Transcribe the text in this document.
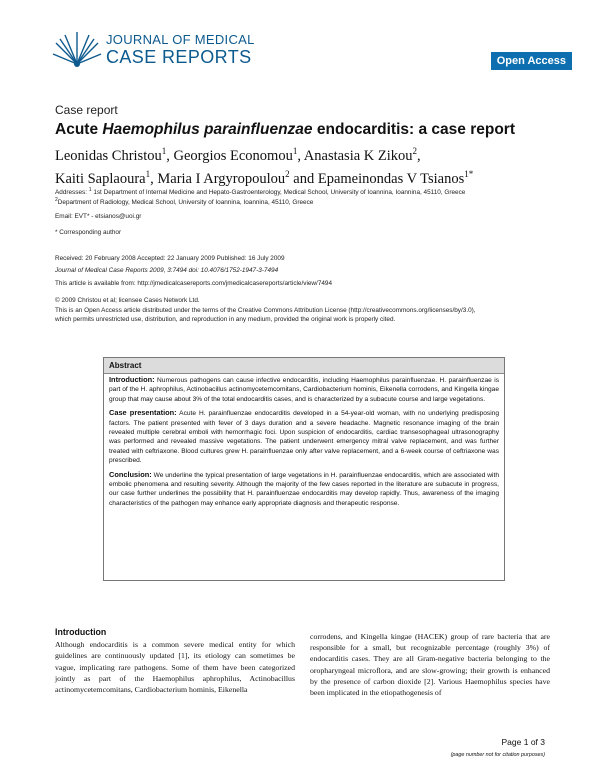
JOURNAL OF MEDICAL
CASE REPORTS	Open Access
Case report
Acute Haemophilus parainfluenzae endocarditis: a case report
Leonidas Christou$^1$, Georgios Economou$^1$, Anastasia K Zikou$^2$,
Kaiti Saplaoura$^1$, Maria I Argyropoulou$^2$ and Epameinondas V Tsianos$^{1*}$
Addresses: $^1$ 1st Department of Internal Medicine and Hepato-Gastroenterology, Medical School, University of Ioannina, Ioannina, 45110, Greece
$^2$Department of Radiology, Medical School, University of Ioannina, Ioannina, 45110, Greece
Email: EVT* - etsianos@uoi.gr
* Corresponding author
Received: 20 February 2008 Accepted: 22 January 2009 Published: 16 July 2009
Journal of Medical Case Reports 2009, 3:7494 doi: 10.4076/1752-1947-3-7494
This article is available from: http://jmedicalcasereports.com/jmedicalcasereports/article/view/7494
© 2009 Christou et al; licensee Cases Network Ltd.
This is an Open Access article distributed under the terms of the Creative Commons Attribution License (http://creativecommons.org/licenses/by/3.0),
which permits unrestricted use, distribution, and reproduction in any medium, provided the original work is properly cited.
Abstract

Introduction: Numerous pathogens can cause infective endocarditis, including Haemophilus parainfluenzae. H. parainfluenzae is part of the H. aphrophilus, Actinobacillus actinomycetemcomitans, Cardiobacterium hominis, Eikenella corrodens, and Kingella kingae group that may cause about 3% of the total endocarditis cases, and is characterized by a subacute course and large vegetations.

Case presentation: Acute H. parainfluenzae endocarditis developed in a 54-year-old woman, with no underlying predisposing factors. The patient presented with fever of 3 days duration and a severe headache. Magnetic resonance imaging of the brain revealed multiple cerebral emboli with hemorrhagic foci. Upon suspicion of endocarditis, cardiac transesophageal ultrasonography was performed and revealed massive vegetations. The patient underwent emergency mitral valve replacement, and was further treated with ceftriaxone. Blood cultures grew H. parainfluenzae only after valve replacement, and a 6-week course of ceftriaxone was prescribed.

Conclusion: We underline the typical presentation of large vegetations in H. parainfluenzae endocarditis, which are associated with embolic phenomena and resulting severity. Although the majority of the few cases reported in the literature are subacute in progress, our case further underlines the possibility that H. parainfluenzae endocarditis may develop rapidly. Thus, awareness of the imaging characteristics of the pathogen may enhance early appropriate diagnosis and therapeutic response.

Introduction

Although endocarditis is a common severe medical entity for which guidelines are continuously updated [1], its etiology can sometimes be vague, implicating rare pathogens. Some of them have been categorized jointly as part of the Haemophilus aphrophilus, Actinobacillus actinomycetemcomitans, Cardiobacterium hominis, Eikenella

corrodens, and Kingella kingae (HACEK) group of rare bacteria that are responsible for a small, but recognizable percentage (roughly 3%) of endocarditis cases. They are all Gram-negative bacteria belonging to the oropharyngeal microflora, and are slow-growing; their growth is enhanced by the presence of carbon dioxide [2]. Various Haemophilus species have been implicated in the etiopathogenesis of

Page 1 of 3
(page number not for citation purposes)
